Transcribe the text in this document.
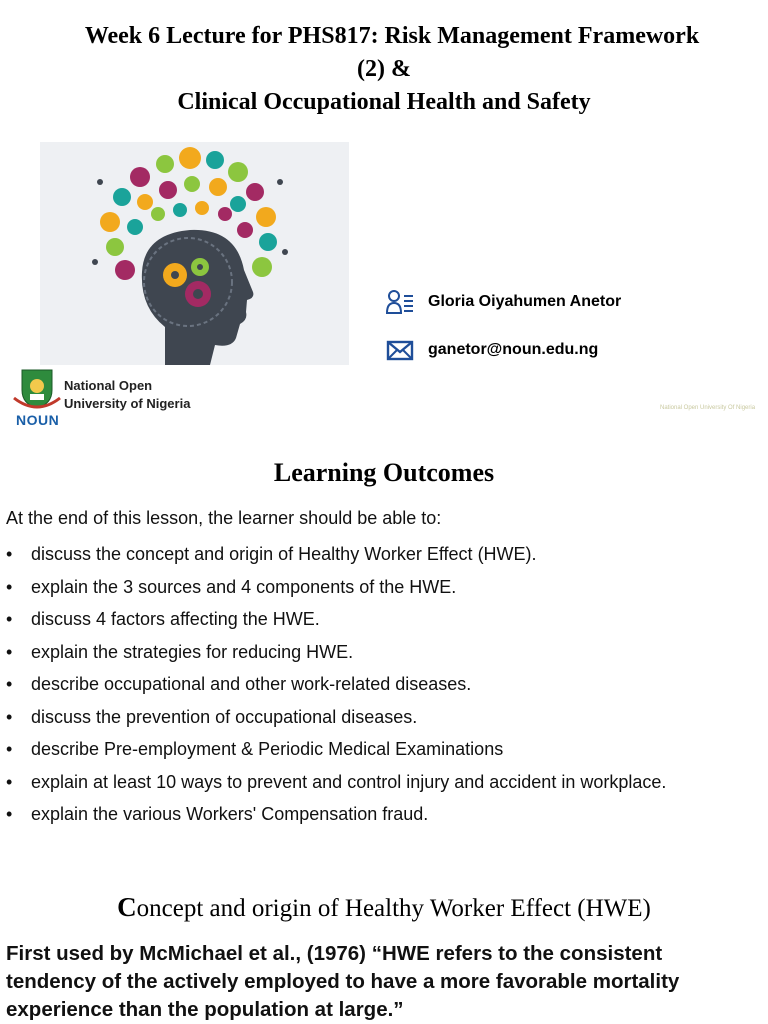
Week 6 Lecture for PHS817: Risk Management Framework
(2) &
Clinical Occupational Health and Safety
Gloria Oiyahumen Anetor
ganetor@noun.edu.ng
NOUN
National Open
University of Nigeria	National Open University Of Nigeria
Learning Outcomes
At the end of this lesson, the learner should be able to:
• discuss the concept and origin of Healthy Worker Effect (HWE).
• explain the 3 sources and 4 components of the HWE.
• discuss 4 factors affecting the HWE.
• explain the strategies for reducing HWE.
• describe occupational and other work-related diseases.
• discuss the prevention of occupational diseases.
• describe Pre-employment & Periodic Medical Examinations
• explain at least 10 ways to prevent and control injury and accident in workplace.
• explain the various Workers' Compensation fraud.
Concept and origin of Healthy Worker Effect (HWE)
First used by McMichael et al., (1976) “HWE refers to the consistent tendency of the actively employed to have a more favorable mortality experience than the population at large.”
